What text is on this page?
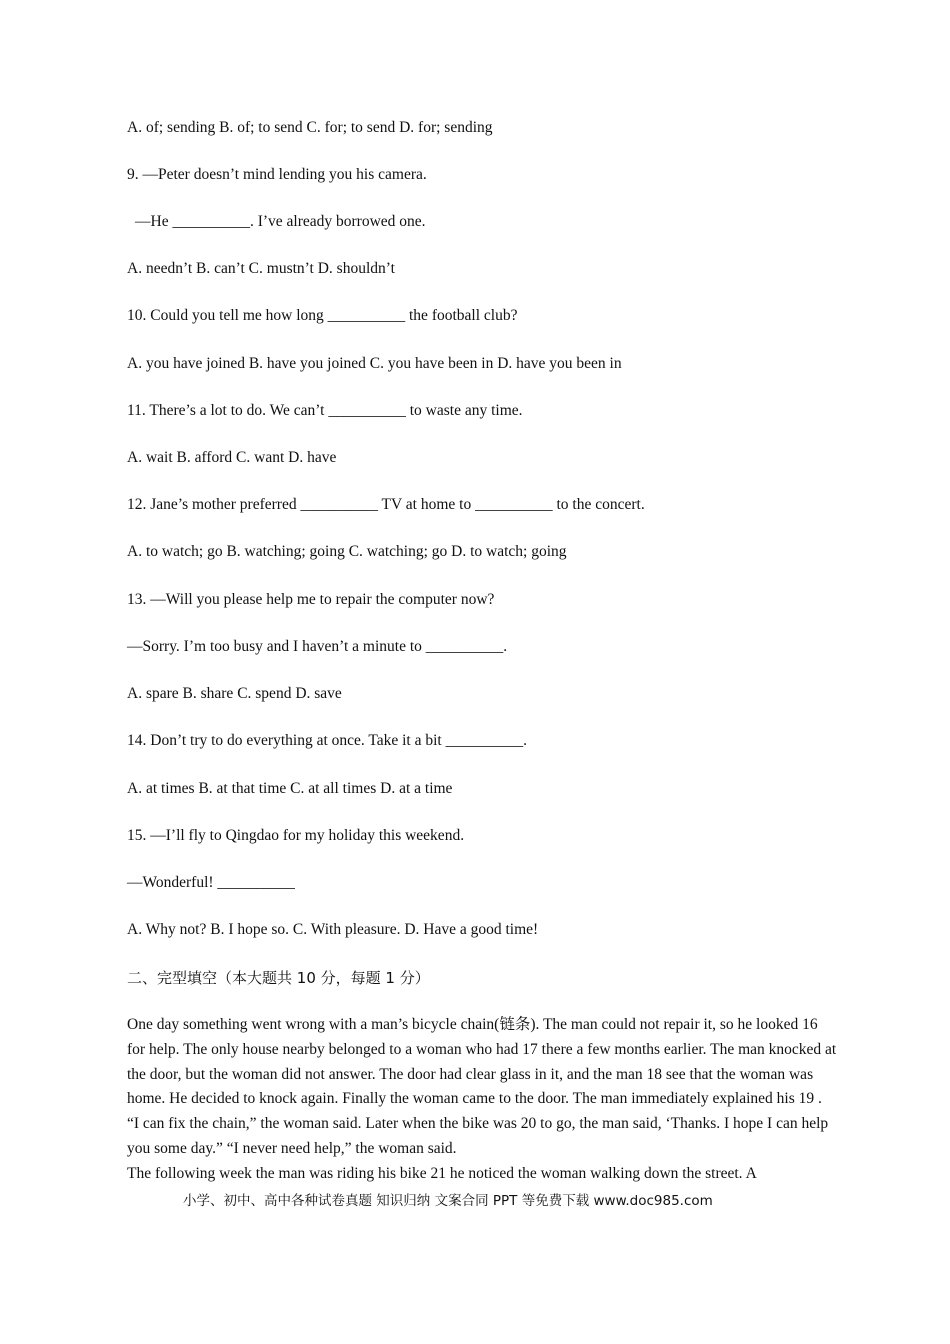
A. of; sending B. of; to send C. for; to send D. for; sending
9. —Peter doesn’t mind lending you his camera.
—He __________. I’ve already borrowed one.
A. needn’t B. can’t C. mustn’t D. shouldn’t
10. Could you tell me how long __________ the football club?
A. you have joined B. have you joined C. you have been in D. have you been in
11. There’s a lot to do. We can’t __________ to waste any time.
A. wait B. afford C. want D. have
12. Jane’s mother preferred __________ TV at home to __________ to the concert.
A. to watch; go B. watching; going C. watching; go D. to watch; going
13. —Will you please help me to repair the computer now?
—Sorry. I’m too busy and I haven’t a minute to __________.
A. spare B. share C. spend D. save
14. Don’t try to do everything at once. Take it a bit __________.
A. at times B. at that time C. at all times D. at a time
15. —I’ll fly to Qingdao for my holiday this weekend.
—Wonderful! __________
A. Why not? B. I hope so. C. With pleasure. D. Have a good time!
二、完型填空（本大题共 10 分，每题 1 分）

One day something went wrong with a man’s bicycle chain(链条). The man could not repair it, so he looked 16 for help. The only house nearby belonged to a woman who had 17 there a few months earlier. The man knocked at the door, but the woman did not answer. The door had clear glass in it, and the man 18 see that the woman was home. He decided to knock again. Finally the woman came to the door. The man immediately explained his 19 . “I can fix the chain,” the woman said. Later when the bike was 20 to go, the man said, ‘Thanks. I hope I can help you some day.” “I never need help,” the woman said.

The following week the man was riding his bike 21 he noticed the woman walking down the street. A

小学、初中、高中各种试卷真题 知识归纳 文案合同 PPT 等免费下载 www.doc985.com
